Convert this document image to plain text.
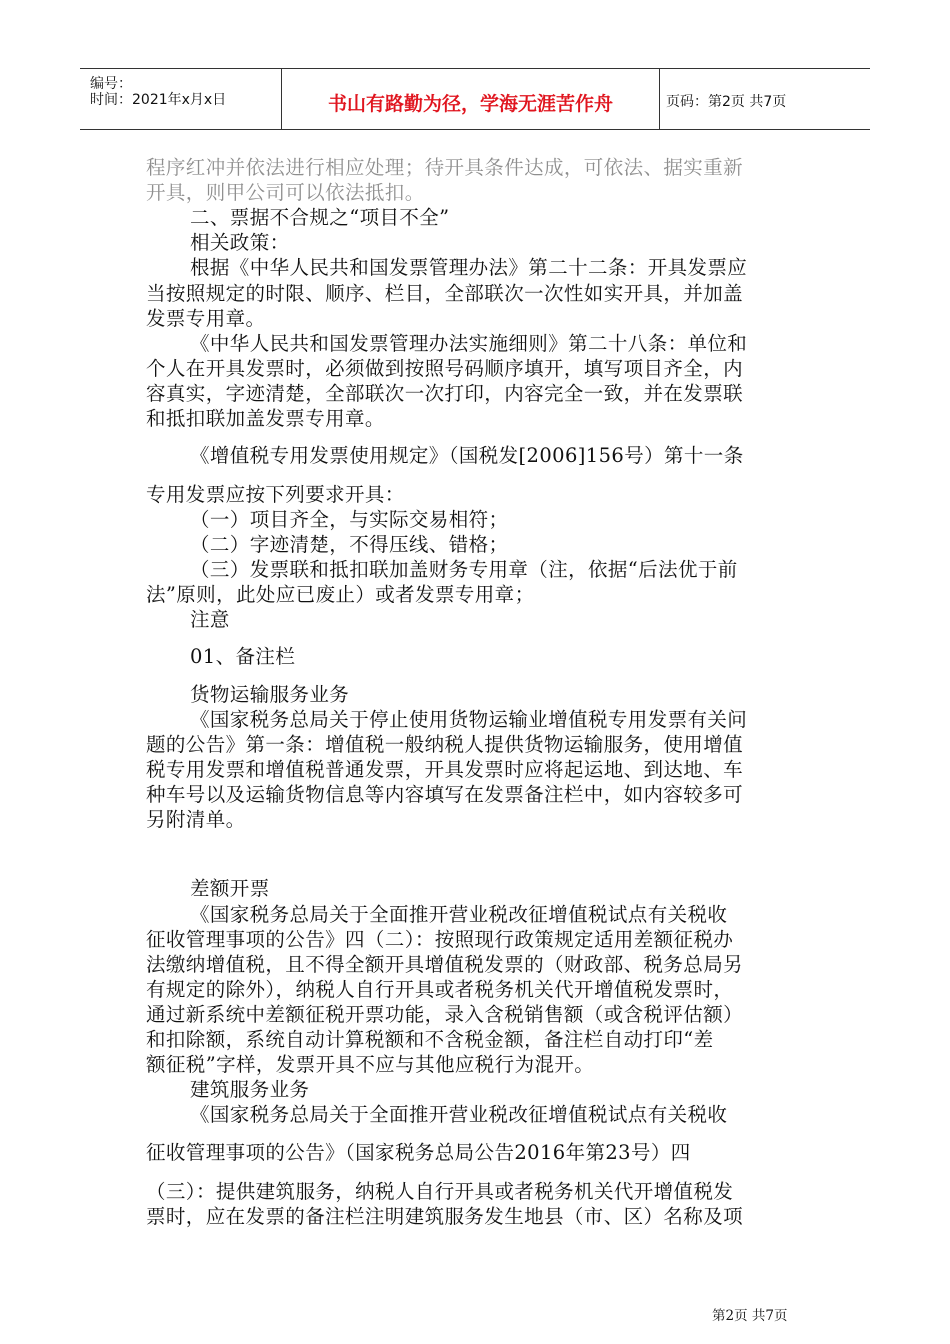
编号：
时间：2021年x月x日	书山有路勤为径，学海无涯苦作舟	页码：第2页 共7页
程序红冲并依法进行相应处理；待开具条件达成，可依法、据实重新
开具，则甲公司可以依法抵扣。
二、票据不合规之“项目不全”
相关政策：
根据《中华人民共和国发票管理办法》第二十二条：开具发票应
当按照规定的时限、顺序、栏目，全部联次一次性如实开具，并加盖
发票专用章。
《中华人民共和国发票管理办法实施细则》第二十八条：单位和
个人在开具发票时，必须做到按照号码顺序填开，填写项目齐全，内
容真实，字迹清楚，全部联次一次打印，内容完全一致，并在发票联
和抵扣联加盖发票专用章。
《增值税专用发票使用规定》（国税发[2006]156号）第十一条
专用发票应按下列要求开具：
（一）项目齐全，与实际交易相符；
（二）字迹清楚，不得压线、错格；
（三）发票联和抵扣联加盖财务专用章（注，依据“后法优于前
法”原则，此处应已废止）或者发票专用章；
注意
01、备注栏
货物运输服务业务
《国家税务总局关于停止使用货物运输业增值税专用发票有关问
题的公告》第一条：增值税一般纳税人提供货物运输服务，使用增值
税专用发票和增值税普通发票，开具发票时应将起运地、到达地、车
种车号以及运输货物信息等内容填写在发票备注栏中，如内容较多可
另附清单。
差额开票
《国家税务总局关于全面推开营业税改征增值税试点有关税收
征收管理事项的公告》四（二）：按照现行政策规定适用差额征税办
法缴纳增值税，且不得全额开具增值税发票的（财政部、税务总局另
有规定的除外），纳税人自行开具或者税务机关代开增值税发票时，
通过新系统中差额征税开票功能，录入含税销售额（或含税评估额）
和扣除额，系统自动计算税额和不含税金额，备注栏自动打印“差
额征税”字样，发票开具不应与其他应税行为混开。
建筑服务业务
《国家税务总局关于全面推开营业税改征增值税试点有关税收
征收管理事项的公告》（国家税务总局公告2016年第23号）四
（三）：提供建筑服务，纳税人自行开具或者税务机关代开增值税发
票时，应在发票的备注栏注明建筑服务发生地县（市、区）名称及项
第2页 共7页
